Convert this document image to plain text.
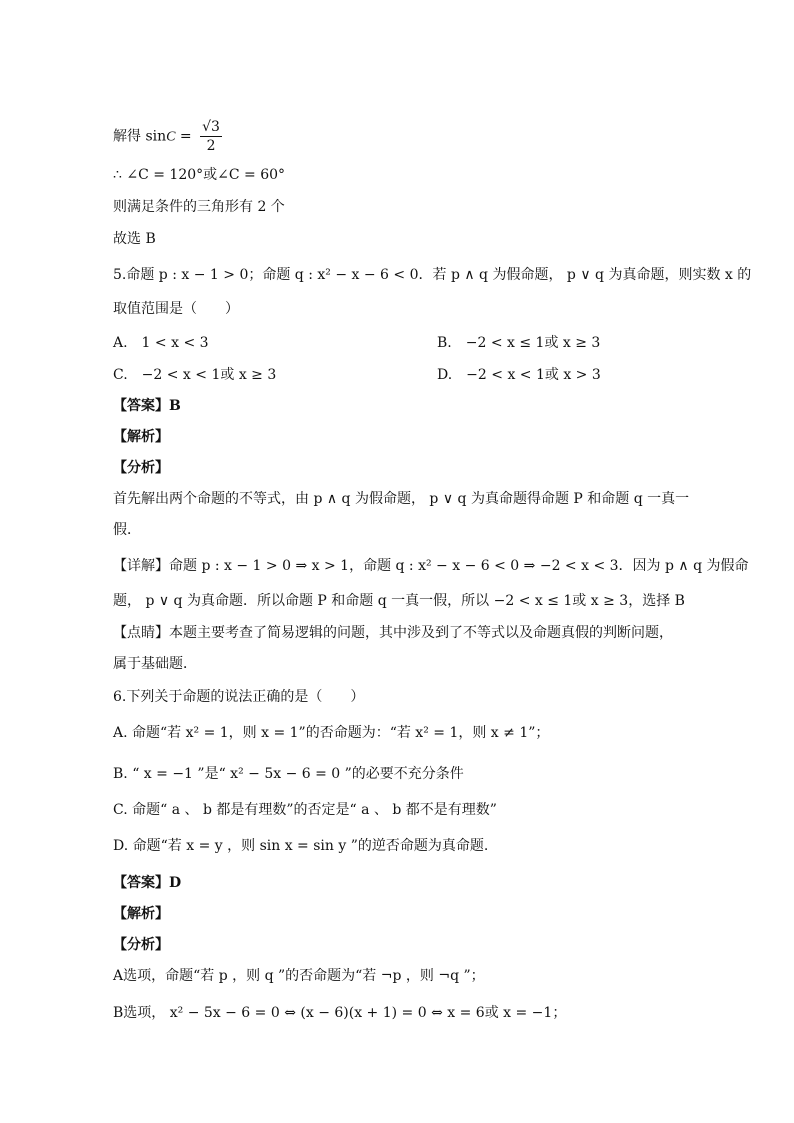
解得 $\sin C = \frac{√3}{2}$
∴ ∠C = 120°或∠C = 60°
则满足条件的三角形有 2 个
故选 B
5.命题 p : x − 1 > 0；命题 q : x² − x − 6 < 0．若 p ∧ q 为假命题， p ∨ q 为真命题，则实数 x 的
取值范围是（　　）
A.　1 < x < 3	B.　−2 < x ≤ 1或 x ≥ 3
C.　−2 < x < 1或 x ≥ 3	D.　−2 < x < 1或 x > 3
【答案】B
【解析】
【分析】
首先解出两个命题的不等式，由 p ∧ q 为假命题， p ∨ q 为真命题得命题 P 和命题 q 一真一
假．
【详解】命题 p : x − 1 > 0 ⇒ x > 1，命题 q : x² − x − 6 < 0 ⇒ −2 < x < 3．因为 p ∧ q 为假命
题， p ∨ q 为真命题．所以命题 P 和命题 q 一真一假，所以 −2 < x ≤ 1或 x ≥ 3，选择 B
【点睛】本题主要考查了简易逻辑的问题，其中涉及到了不等式以及命题真假的判断问题，
属于基础题．
6.下列关于命题的说法正确的是（　　）
A. 命题“若 x² = 1，则 x = 1”的否命题为：“若 x² = 1，则 x ≠ 1”；
B. “ x = −1 ”是“ x² − 5x − 6 = 0 ”的必要不充分条件
C. 命题“ a 、 b 都是有理数”的否定是“ a 、 b 都不是有理数”
D. 命题“若 x = y ，则 sin x = sin y ”的逆否命题为真命题.
【答案】D
【解析】
【分析】
A选项，命题“若 p ，则 q ”的否命题为“若 ¬p ，则 ¬q ”；
B选项， x² − 5x − 6 = 0 ⇔ (x − 6)(x + 1) = 0 ⇔ x = 6或 x = −1；
